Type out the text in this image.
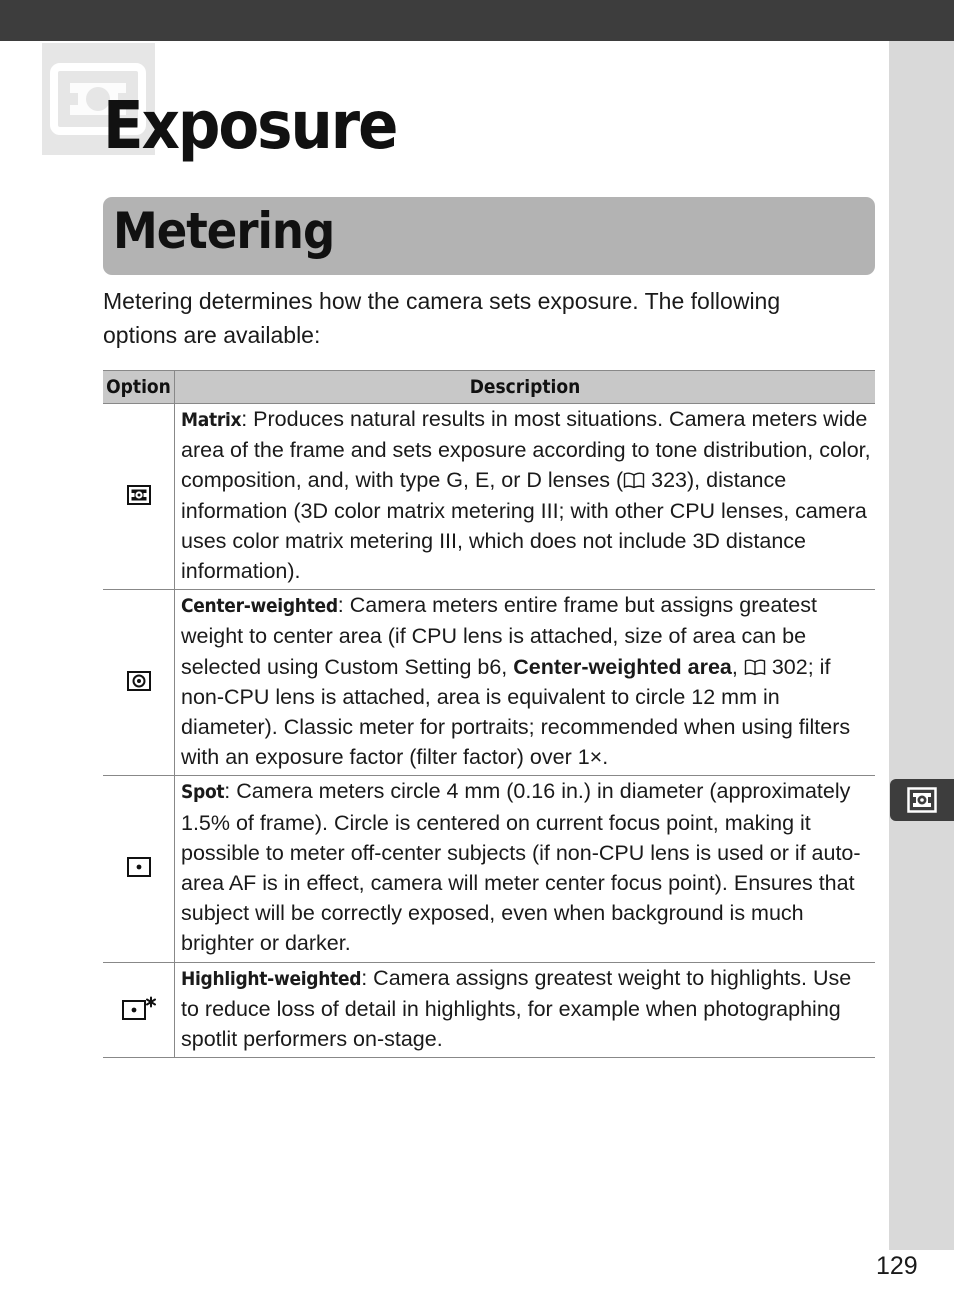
Exposure
Metering

Metering determines how the camera sets exposure. The following options are available:

Option	Description

	Matrix: Produces natural results in most situations. Camera meters wide area of the frame and sets exposure according to tone distribution, color, composition, and, with type G, E, or D lenses (
323), distance information (3D color matrix metering III; with other CPU lenses, camera uses color matrix metering III, which does not include 3D distance information).

	Center-weighted: Camera meters entire frame but assigns greatest weight to center area (if CPU lens is attached, size of area can be selected using Custom Setting b6, Center-weighted area,
302; if non-CPU lens is attached, area is equivalent to circle 12 mm in diameter). Classic meter for portraits; recommended when using filters with an exposure factor (filter factor) over 1×.

	Spot: Camera meters circle 4 mm (0.16 in.) in diameter (approximately 1.5% of frame). Circle is centered on current focus point, making it possible to meter off-center subjects (if non-CPU lens is used or if auto-area AF is in effect, camera will meter center focus point). Ensures that subject will be correctly exposed, even when background is much brighter or darker.

	Highlight-weighted: Camera assigns greatest weight to highlights. Use to reduce loss of detail in highlights, for example when photographing spotlit performers on-stage.

129
